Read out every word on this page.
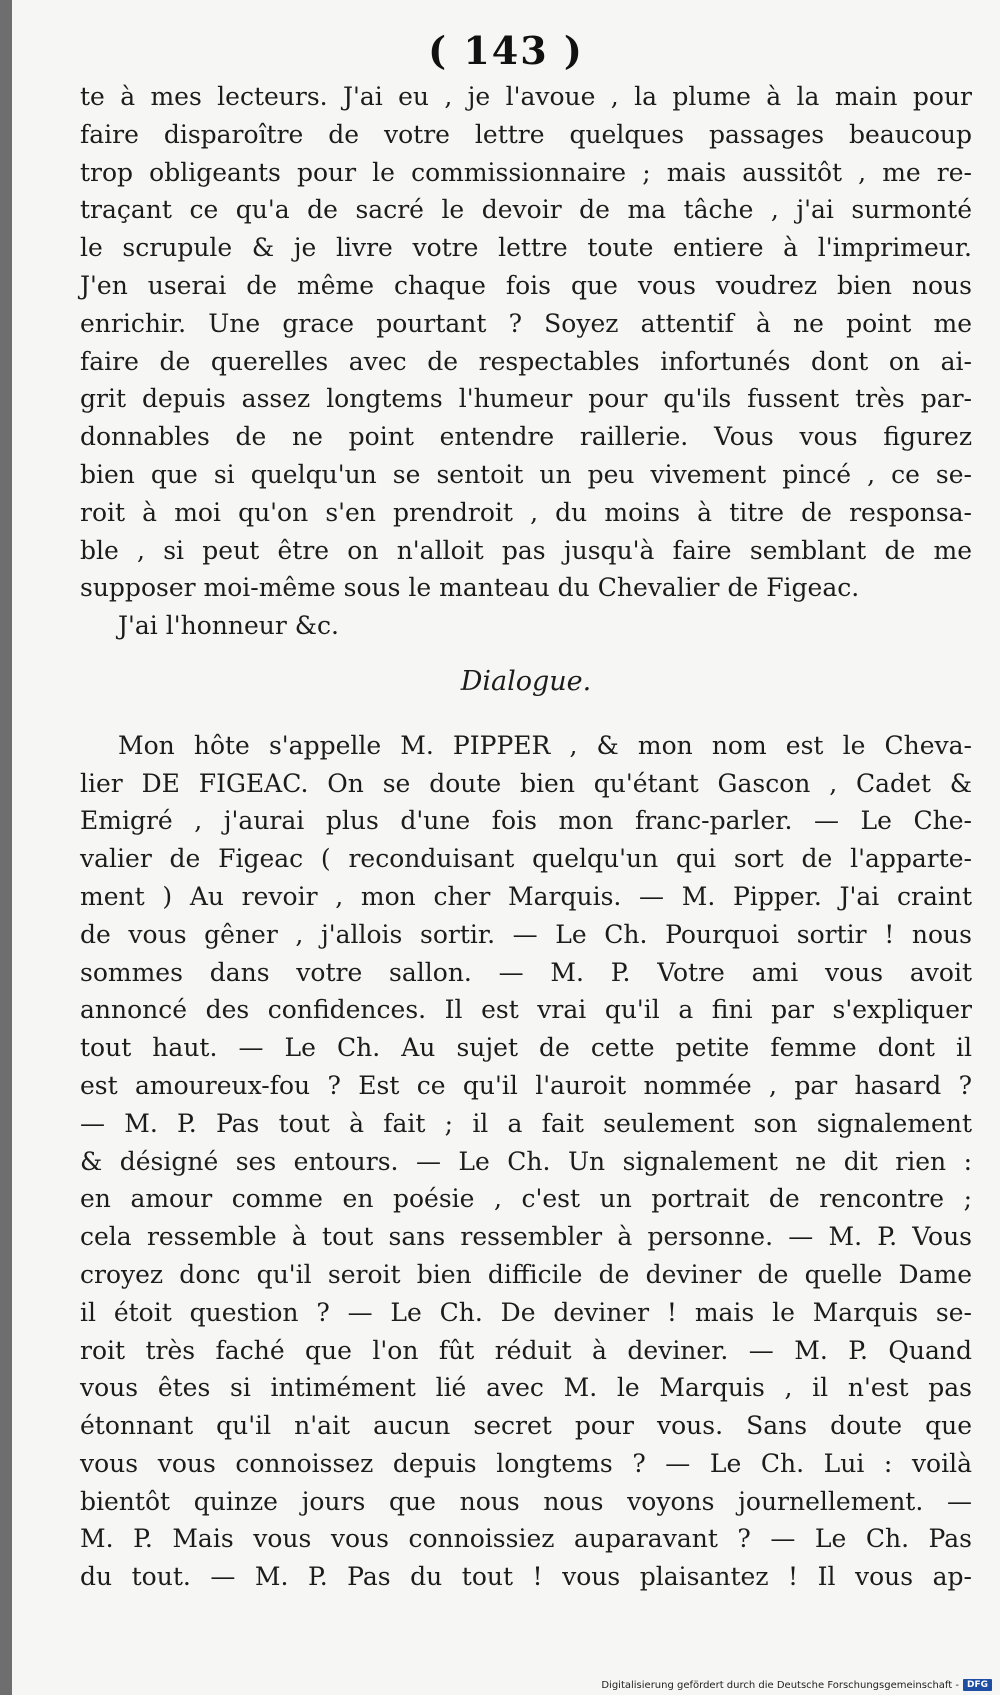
( 143 )
te à mes lecteurs. J'ai eu , je l'avoue , la plume à la main pour
faire disparoître de votre lettre quelques passages beaucoup
trop obligeants pour le commissionnaire ; mais aussitôt , me re-
traçant ce qu'a de sacré le devoir de ma tâche , j'ai surmonté
le scrupule & je livre votre lettre toute entiere à l'imprimeur.
J'en userai de même chaque fois que vous voudrez bien nous
enrichir. Une grace pourtant ? Soyez attentif à ne point me
faire de querelles avec de respectables infortunés dont on ai-
grit depuis assez longtems l'humeur pour qu'ils fussent très par-
donnables de ne point entendre raillerie. Vous vous figurez
bien que si quelqu'un se sentoit un peu vivement pincé , ce se-
roit à moi qu'on s'en prendroit , du moins à titre de responsa-
ble , si peut être on n'alloit pas jusqu'à faire semblant de me
supposer moi-même sous le manteau du Chevalier de Figeac.
J'ai l'honneur &c.
Dialogue.
Mon hôte s'appelle M. PIPPER , & mon nom est le Cheva-
lier DE FIGEAC. On se doute bien qu'étant Gascon , Cadet &
Emigré , j'aurai plus d'une fois mon franc-parler. — Le Che-
valier de Figeac ( reconduisant quelqu'un qui sort de l'apparte-
ment ) Au revoir , mon cher Marquis. — M. Pipper. J'ai craint
de vous gêner , j'allois sortir. — Le Ch. Pourquoi sortir ! nous
sommes dans votre sallon. — M. P. Votre ami vous avoit
annoncé des confidences. Il est vrai qu'il a fini par s'expliquer
tout haut. — Le Ch. Au sujet de cette petite femme dont il
est amoureux-fou ? Est ce qu'il l'auroit nommée , par hasard ?
— M. P. Pas tout à fait ; il a fait seulement son signalement
& désigné ses entours. — Le Ch. Un signalement ne dit rien :
en amour comme en poésie , c'est un portrait de rencontre ;
cela ressemble à tout sans ressembler à personne. — M. P. Vous
croyez donc qu'il seroit bien difficile de deviner de quelle Dame
il étoit question ? — Le Ch. De deviner ! mais le Marquis se-
roit très faché que l'on fût réduit à deviner. — M. P. Quand
vous êtes si intimément lié avec M. le Marquis , il n'est pas
étonnant qu'il n'ait aucun secret pour vous. Sans doute que
vous vous connoissez depuis longtems ? — Le Ch. Lui : voilà
bientôt quinze jours que nous nous voyons journellement. —
M. P. Mais vous vous connoissiez auparavant ? — Le Ch. Pas
du tout. — M. P. Pas du tout ! vous plaisantez ! Il vous ap-
Digitalisierung gefördert durch die Deutsche Forschungsgemeinschaft - DFG
